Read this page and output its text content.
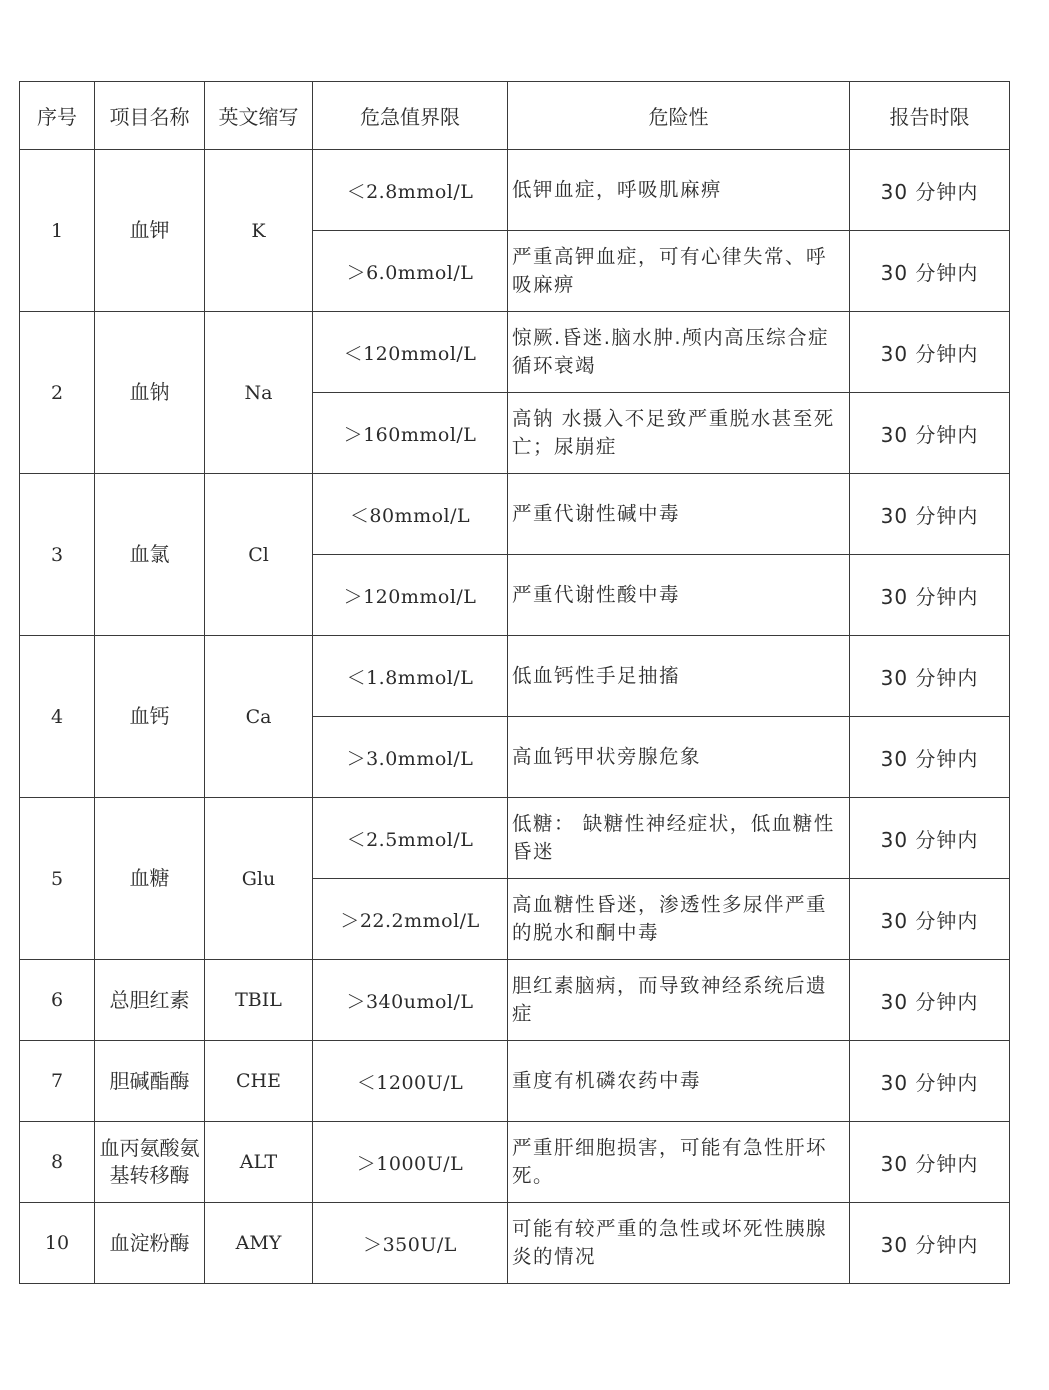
序号	项目名称	英文缩写	危急值界限	危险性	报告时限
1	血钾	K	＜2.8mmol/L	低钾血症，呼吸肌麻痹	30 分钟内
			＞6.0mmol/L	严重高钾血症，可有心律失常、呼吸麻痹	30 分钟内
2	血钠	Na	＜120mmol/L	惊厥.昏迷.脑水肿.颅内高压综合症循环衰竭	30 分钟内
			＞160mmol/L	高钠 水摄入不足致严重脱水甚至死亡；尿崩症	30 分钟内
3	血氯	Cl	＜80mmol/L	严重代谢性碱中毒	30 分钟内
			＞120mmol/L	严重代谢性酸中毒	30 分钟内
4	血钙	Ca	＜1.8mmol/L	低血钙性手足抽搐	30 分钟内
			＞3.0mmol/L	高血钙甲状旁腺危象	30 分钟内
5	血糖	Glu	＜2.5mmol/L	低糖： 缺糖性神经症状，低血糖性昏迷	30 分钟内
			＞22.2mmol/L	高血糖性昏迷，渗透性多尿伴严重的脱水和酮中毒	30 分钟内
6	总胆红素	TBIL	＞340umol/L	胆红素脑病，而导致神经系统后遗症	30 分钟内
7	胆碱酯酶	CHE	＜1200U/L	重度有机磷农药中毒	30 分钟内
8	血丙氨酸氨基转移酶	ALT	＞1000U/L	严重肝细胞损害，可能有急性肝坏死。	30 分钟内
10	血淀粉酶	AMY	＞350U/L	可能有较严重的急性或坏死性胰腺炎的情况	30 分钟内
